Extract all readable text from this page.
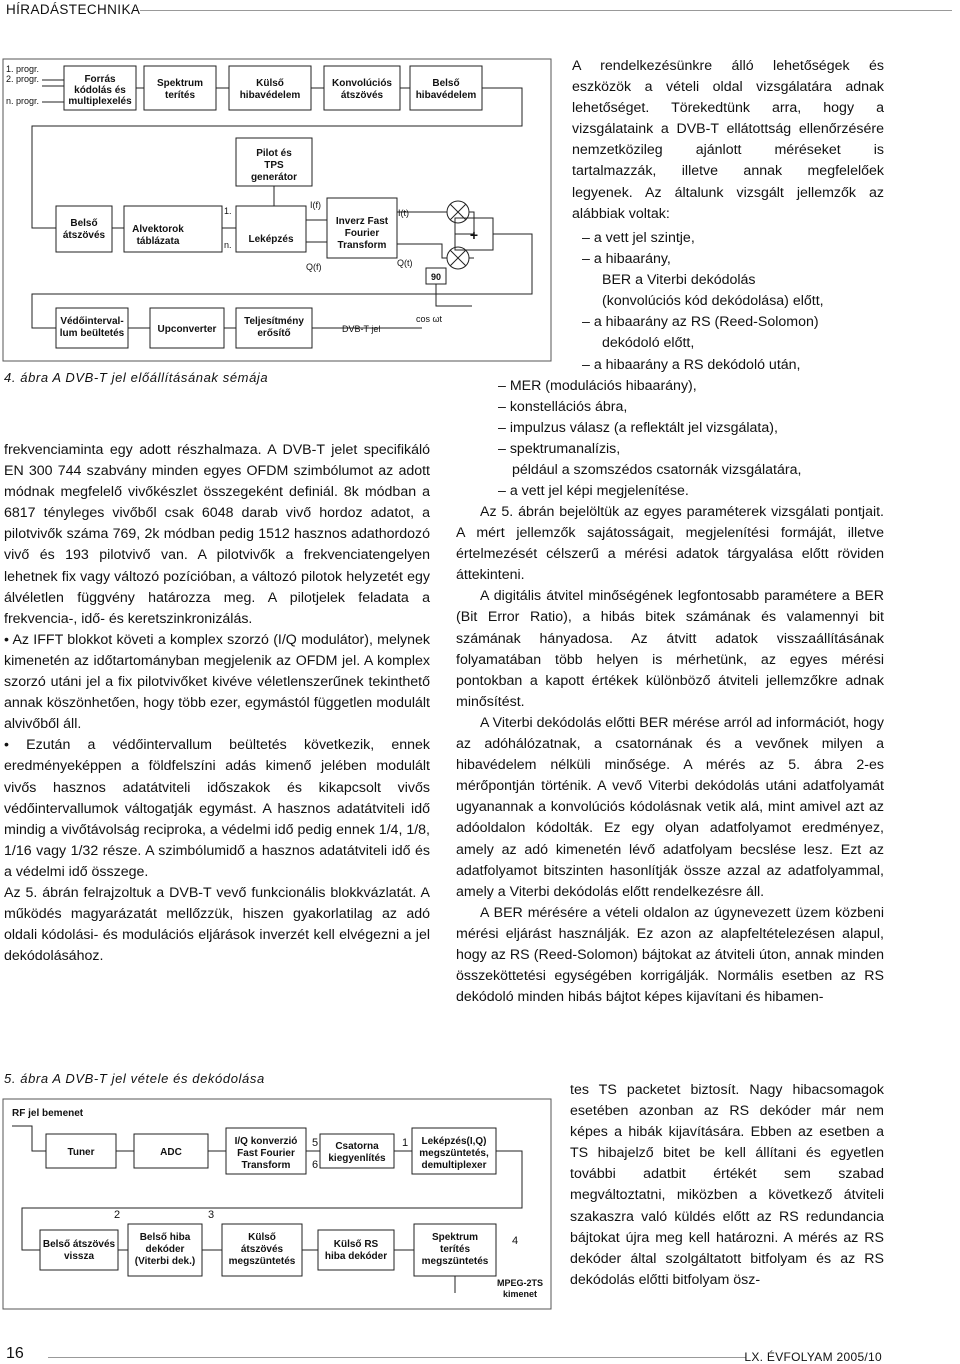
HÍRADÁSTECHNIKA
1. progr.
2. progr.
n. progr.
Forrás
kódolás és
multiplexelés
Spektrum
terítés
Külső
hibavédelem
Konvolúciós
átszövés
Belső
hibavédelem
Pilot és
TPS
generátor
Belső
átszövés
Alvektorok
táblázata	Leképzés
Inverz Fast
Fourier
Transform
Védőinterval-
lum beültetés	Upconverter
Teljesítmény
erősítő
+
90
1.
n.
I(f)
Q(f)
I(t)
Q(t)
cos ωt
DVB-T jel
4. ábra A DVB-T jel előállításának sémája

frekvenciaminta egy adott részhalmaza. A DVB-T jelet specifikáló EN 300 744 szabvány minden egyes OFDM szimbólumot az adott módnak megfelelő vivőkészlet összegeként definiál. 8k módban a 6817 tényleges vivőből csak 6048 darab vivő hordoz adatot, a pilotvivők száma 769, 2k módban pedig 1512 hasznos adathordozó vivő és 193 pilotvivő van. A pilotvivők a frekvenciatengelyen lehetnek fix vagy változó pozícióban, a változó pilotok helyzetét egy álvéletlen függvény határozza meg. A pilotjelek feladata a frekvencia-, idő- és keretszinkronizálás.

• Az IFFT blokkot követi a komplex szorzó (I/Q modulátor), melynek kimenetén az időtartományban megjelenik az OFDM jel. A komplex szorzó utáni jel a fix pilotvivőket kivéve véletlenszerűnek tekinthető annak köszönhetően, hogy több ezer, egymástól független modulált alvivőből áll.

• Ezután a védőintervallum beültetés következik, ennek eredményeképpen a földfelszíni adás kimenő jelében modulált vivős hasznos adatátviteli időszakok és kikapcsolt vivős védőintervallumok váltogatják egymást. A hasznos adatátviteli idő mindig a vivőtávolság reciproka, a védelmi idő pedig ennek 1/4, 1/8, 1/16 vagy 1/32 része. A szimbólumidő a hasznos adatátviteli idő és a védelmi idő összege.

Az 5. ábrán felrajzoltuk a DVB-T vevő funkcionális blokkvázlatát. A működés magyarázatát mellőzzük, hiszen gyakorlatilag az adó oldali kódolási- és modulációs eljárások inverzét kell elvégezni a jel dekódolásához.

5. ábra A DVB-T jel vétele és dekódolása
RF jel bemenet
Tuner	ADC
I/Q konverzió
Fast Fourier
Transform
Csatorna
kiegyenlítés
Leképzés(I,Q)
megszüntetés,
demultiplexer
Belső átszövés
vissza
Belső hiba
dekóder
(Viterbi dek.)
Külső
átszövés
megszüntetés
Külső RS
hiba dekóder
Spektrum
terítés
megszüntetés
MPEG-2TS
kimenet
5
6
1
2	3
4

A rendelkezésünkre álló lehetőségek és eszközök a vételi oldal vizsgálatára adnak lehetőséget. Törekedtünk arra, hogy a vizsgálataink a DVB-T ellátottság ellenőrzésére nemzetközileg ajánlott méréseket is tartalmazzák, illetve annak megfelelőek legyenek. Az általunk vizsgált jellemzők az alábbiak voltak:

– a vett jel szintje,
– a hibaarány,
BER a Viterbi dekódolás
(konvolúciós kód dekódolása) előtt,
– a hibaarány az RS (Reed-Solomon)
dekódoló előtt,
– a hibaarány a RS dekódoló után,
– MER (modulációs hibaarány),
– konstellációs ábra,
– impulzus válasz (a reflektált jel vizsgálata),
– spektrumanalízis,
például a szomszédos csatornák vizsgálatára,
– a vett jel képi megjelenítése.

Az 5. ábrán bejelöltük az egyes paraméterek vizsgálati pontjait. A mért jellemzők sajátosságait, megjelenítési formáját, illetve értelmezését célszerű a mérési adatok tárgyalása előtt röviden áttekinteni.

A digitális átvitel minőségének legfontosabb paramétere a BER (Bit Error Ratio), a hibás bitek számának és valamennyi bit számának hányadosa. Az átvitt adatok visszaállításának folyamatában több helyen is mérhetünk, az egyes mérési pontokban a kapott értékek különböző átviteli jellemzőkre adnak minősítést.

A Viterbi dekódolás előtti BER mérése arról ad információt, hogy az adóhálózatnak, a csatornának és a vevőnek milyen a hibavédelem nélküli minősége. A mérés az 5. ábra 2-es mérőpontján történik. A vevő Viterbi dekódolás utáni adatfolyamát ugyanannak a konvolúciós kódolásnak vetik alá, mint amivel azt az adóoldalon kódolták. Ez egy olyan adatfolyamot eredményez, amely az adó kimenetén lévő adatfolyam becslése lesz. Ezt az adatfolyamot bitszinten hasonlítják össze azzal az adatfolyammal, amely a Viterbi dekódolás előtt rendelkezésre áll.

A BER mérésére a vételi oldalon az úgynevezett üzem közbeni mérési eljárást használják. Ez azon az alapfeltételezésen alapul, hogy az RS (Reed-Solomon) bájtokat az átviteli úton, annak minden összeköttetési egységében korrigálják. Normális esetben az RS dekódoló minden hibás bájtot képes kijavítani és hibamen-

tes TS packetet biztosít. Nagy hibacsomagok esetében azonban az RS dekóder már nem képes a hibák kijavítására. Ebben az esetben a TS hibajelző bitet be kell állítani és egyetlen további adatbit értékét sem szabad megváltoztatni, miközben a következő átviteli szakaszra való küldés előtt az RS redundancia bájtokat újra meg kell határozni. A mérés az RS dekóder által szolgáltatott bitfolyam és az RS dekódolás előtti bitfolyam ösz-

16	LX. ÉVFOLYAM 2005/10
